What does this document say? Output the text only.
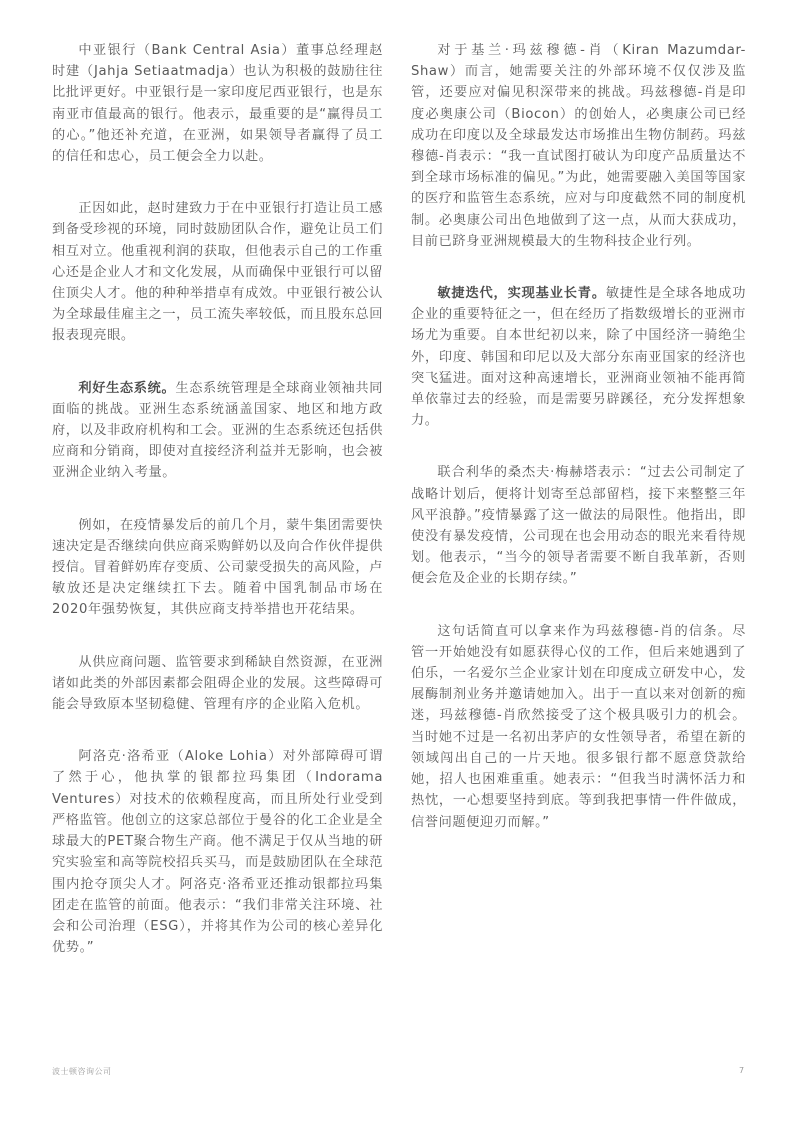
中亚银行（Bank Central Asia）董事总经理赵时建（Jahja Setiaatmadja）也认为积极的鼓励往往比批评更好。中亚银行是一家印度尼西亚银行，也是东南亚市值最高的银行。他表示，最重要的是“赢得员工的心。”他还补充道，在亚洲，如果领导者赢得了员工的信任和忠心，员工便会全力以赴。

正因如此，赵时建致力于在中亚银行打造让员工感到备受珍视的环境，同时鼓励团队合作，避免让员工们相互对立。他重视利润的获取，但他表示自己的工作重心还是企业人才和文化发展，从而确保中亚银行可以留住顶尖人才。他的种种举措卓有成效。中亚银行被公认为全球最佳雇主之一，员工流失率较低，而且股东总回报表现亮眼。

利好生态系统。生态系统管理是全球商业领袖共同面临的挑战。亚洲生态系统涵盖国家、地区和地方政府，以及非政府机构和工会。亚洲的生态系统还包括供应商和分销商，即使对直接经济利益并无影响，也会被亚洲企业纳入考量。

例如，在疫情暴发后的前几个月，蒙牛集团需要快速决定是否继续向供应商采购鲜奶以及向合作伙伴提供授信。冒着鲜奶库存变质、公司蒙受损失的高风险，卢敏放还是决定继续扛下去。随着中国乳制品市场在2020年强势恢复，其供应商支持举措也开花结果。

从供应商问题、监管要求到稀缺自然资源，在亚洲诸如此类的外部因素都会阻碍企业的发展。这些障碍可能会导致原本坚韧稳健、管理有序的企业陷入危机。

阿洛克·洛希亚（Aloke Lohia）对外部障碍可谓了然于心，他执掌的银都拉玛集团（Indorama Ventures）对技术的依赖程度高，而且所处行业受到严格监管。他创立的这家总部位于曼谷的化工企业是全球最大的PET聚合物生产商。他不满足于仅从当地的研究实验室和高等院校招兵买马，而是鼓励团队在全球范围内抢夺顶尖人才。阿洛克·洛希亚还推动银都拉玛集团走在监管的前面。他表示：“我们非常关注环境、社会和公司治理（ESG），并将其作为公司的核心差异化优势。”

对于基兰·玛兹穆德-肖（Kiran Mazumdar-Shaw）而言，她需要关注的外部环境不仅仅涉及监管，还要应对偏见积深带来的挑战。玛兹穆德-肖是印度必奥康公司（Biocon）的创始人，必奥康公司已经成功在印度以及全球最发达市场推出生物仿制药。玛兹穆德-肖表示：“我一直试图打破认为印度产品质量达不到全球市场标准的偏见。”为此，她需要融入美国等国家的医疗和监管生态系统，应对与印度截然不同的制度机制。必奥康公司出色地做到了这一点，从而大获成功，目前已跻身亚洲规模最大的生物科技企业行列。

敏捷迭代，实现基业长青。敏捷性是全球各地成功企业的重要特征之一，但在经历了指数级增长的亚洲市场尤为重要。自本世纪初以来，除了中国经济一骑绝尘外，印度、韩国和印尼以及大部分东南亚国家的经济也突飞猛进。面对这种高速增长，亚洲商业领袖不能再简单依靠过去的经验，而是需要另辟蹊径，充分发挥想象力。

联合利华的桑杰夫·梅赫塔表示：“过去公司制定了战略计划后，便将计划寄至总部留档，接下来整整三年风平浪静。”疫情暴露了这一做法的局限性。他指出，即使没有暴发疫情，公司现在也会用动态的眼光来看待规划。他表示，“当今的领导者需要不断自我革新，否则便会危及企业的长期存续。”

这句话简直可以拿来作为玛兹穆德-肖的信条。尽管一开始她没有如愿获得心仪的工作，但后来她遇到了伯乐，一名爱尔兰企业家计划在印度成立研发中心，发展酶制剂业务并邀请她加入。出于一直以来对创新的痴迷，玛兹穆德-肖欣然接受了这个极具吸引力的机会。当时她不过是一名初出茅庐的女性领导者，希望在新的领域闯出自己的一片天地。很多银行都不愿意贷款给她，招人也困难重重。她表示：“但我当时满怀活力和热忱，一心想要坚持到底。等到我把事情一件件做成，信誉问题便迎刃而解。”

波士顿咨询公司	7
